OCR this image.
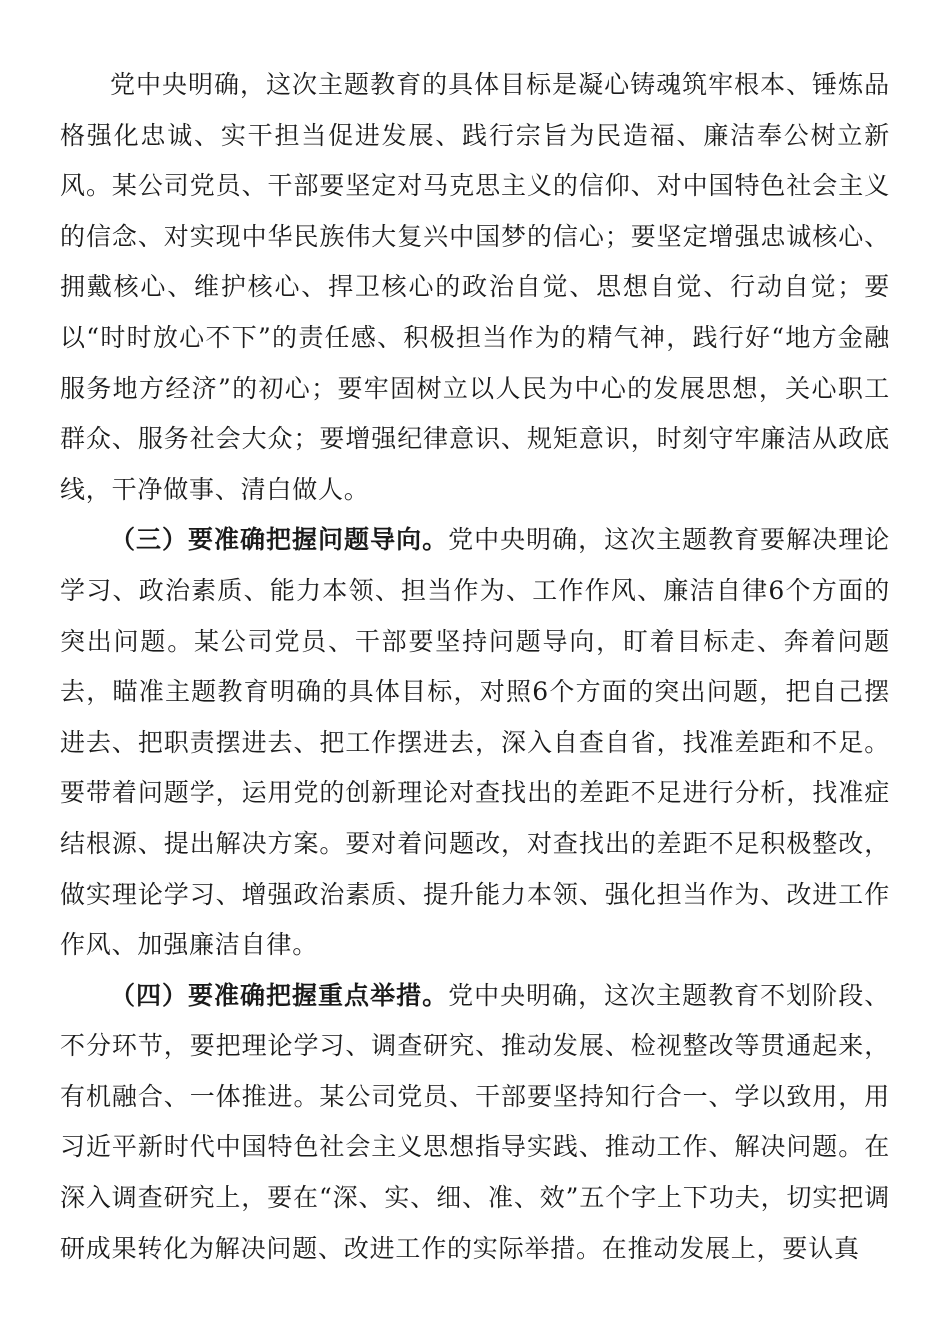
党中央明确，这次主题教育的具体目标是凝心铸魂筑牢根本、锤炼品格强化忠诚、实干担当促进发展、践行宗旨为民造福、廉洁奉公树立新风。某公司党员、干部要坚定对马克思主义的信仰、对中国特色社会主义的信念、对实现中华民族伟大复兴中国梦的信心；要坚定增强忠诚核心、拥戴核心、维护核心、捍卫核心的政治自觉、思想自觉、行动自觉；要以“时时放心不下”的责任感、积极担当作为的精气神，践行好“地方金融服务地方经济”的初心；要牢固树立以人民为中心的发展思想，关心职工群众、服务社会大众；要增强纪律意识、规矩意识，时刻守牢廉洁从政底线，干净做事、清白做人。

（三）要准确把握问题导向。党中央明确，这次主题教育要解决理论学习、政治素质、能力本领、担当作为、工作作风、廉洁自律6个方面的突出问题。某公司党员、干部要坚持问题导向，盯着目标走、奔着问题去，瞄准主题教育明确的具体目标，对照6个方面的突出问题，把自己摆进去、把职责摆进去、把工作摆进去，深入自查自省，找准差距和不足。要带着问题学，运用党的创新理论对查找出的差距不足进行分析，找准症结根源、提出解决方案。要对着问题改，对查找出的差距不足积极整改，做实理论学习、增强政治素质、提升能力本领、强化担当作为、改进工作作风、加强廉洁自律。

（四）要准确把握重点举措。党中央明确，这次主题教育不划阶段、不分环节，要把理论学习、调查研究、推动发展、检视整改等贯通起来，有机融合、一体推进。某公司党员、干部要坚持知行合一、学以致用，用习近平新时代中国特色社会主义思想指导实践、推动工作、解决问题。在深入调查研究上，要在“深、实、细、准、效”五个字上下功夫，切实把调研成果转化为解决问题、改进工作的实际举措。在推动发展上，要认真
